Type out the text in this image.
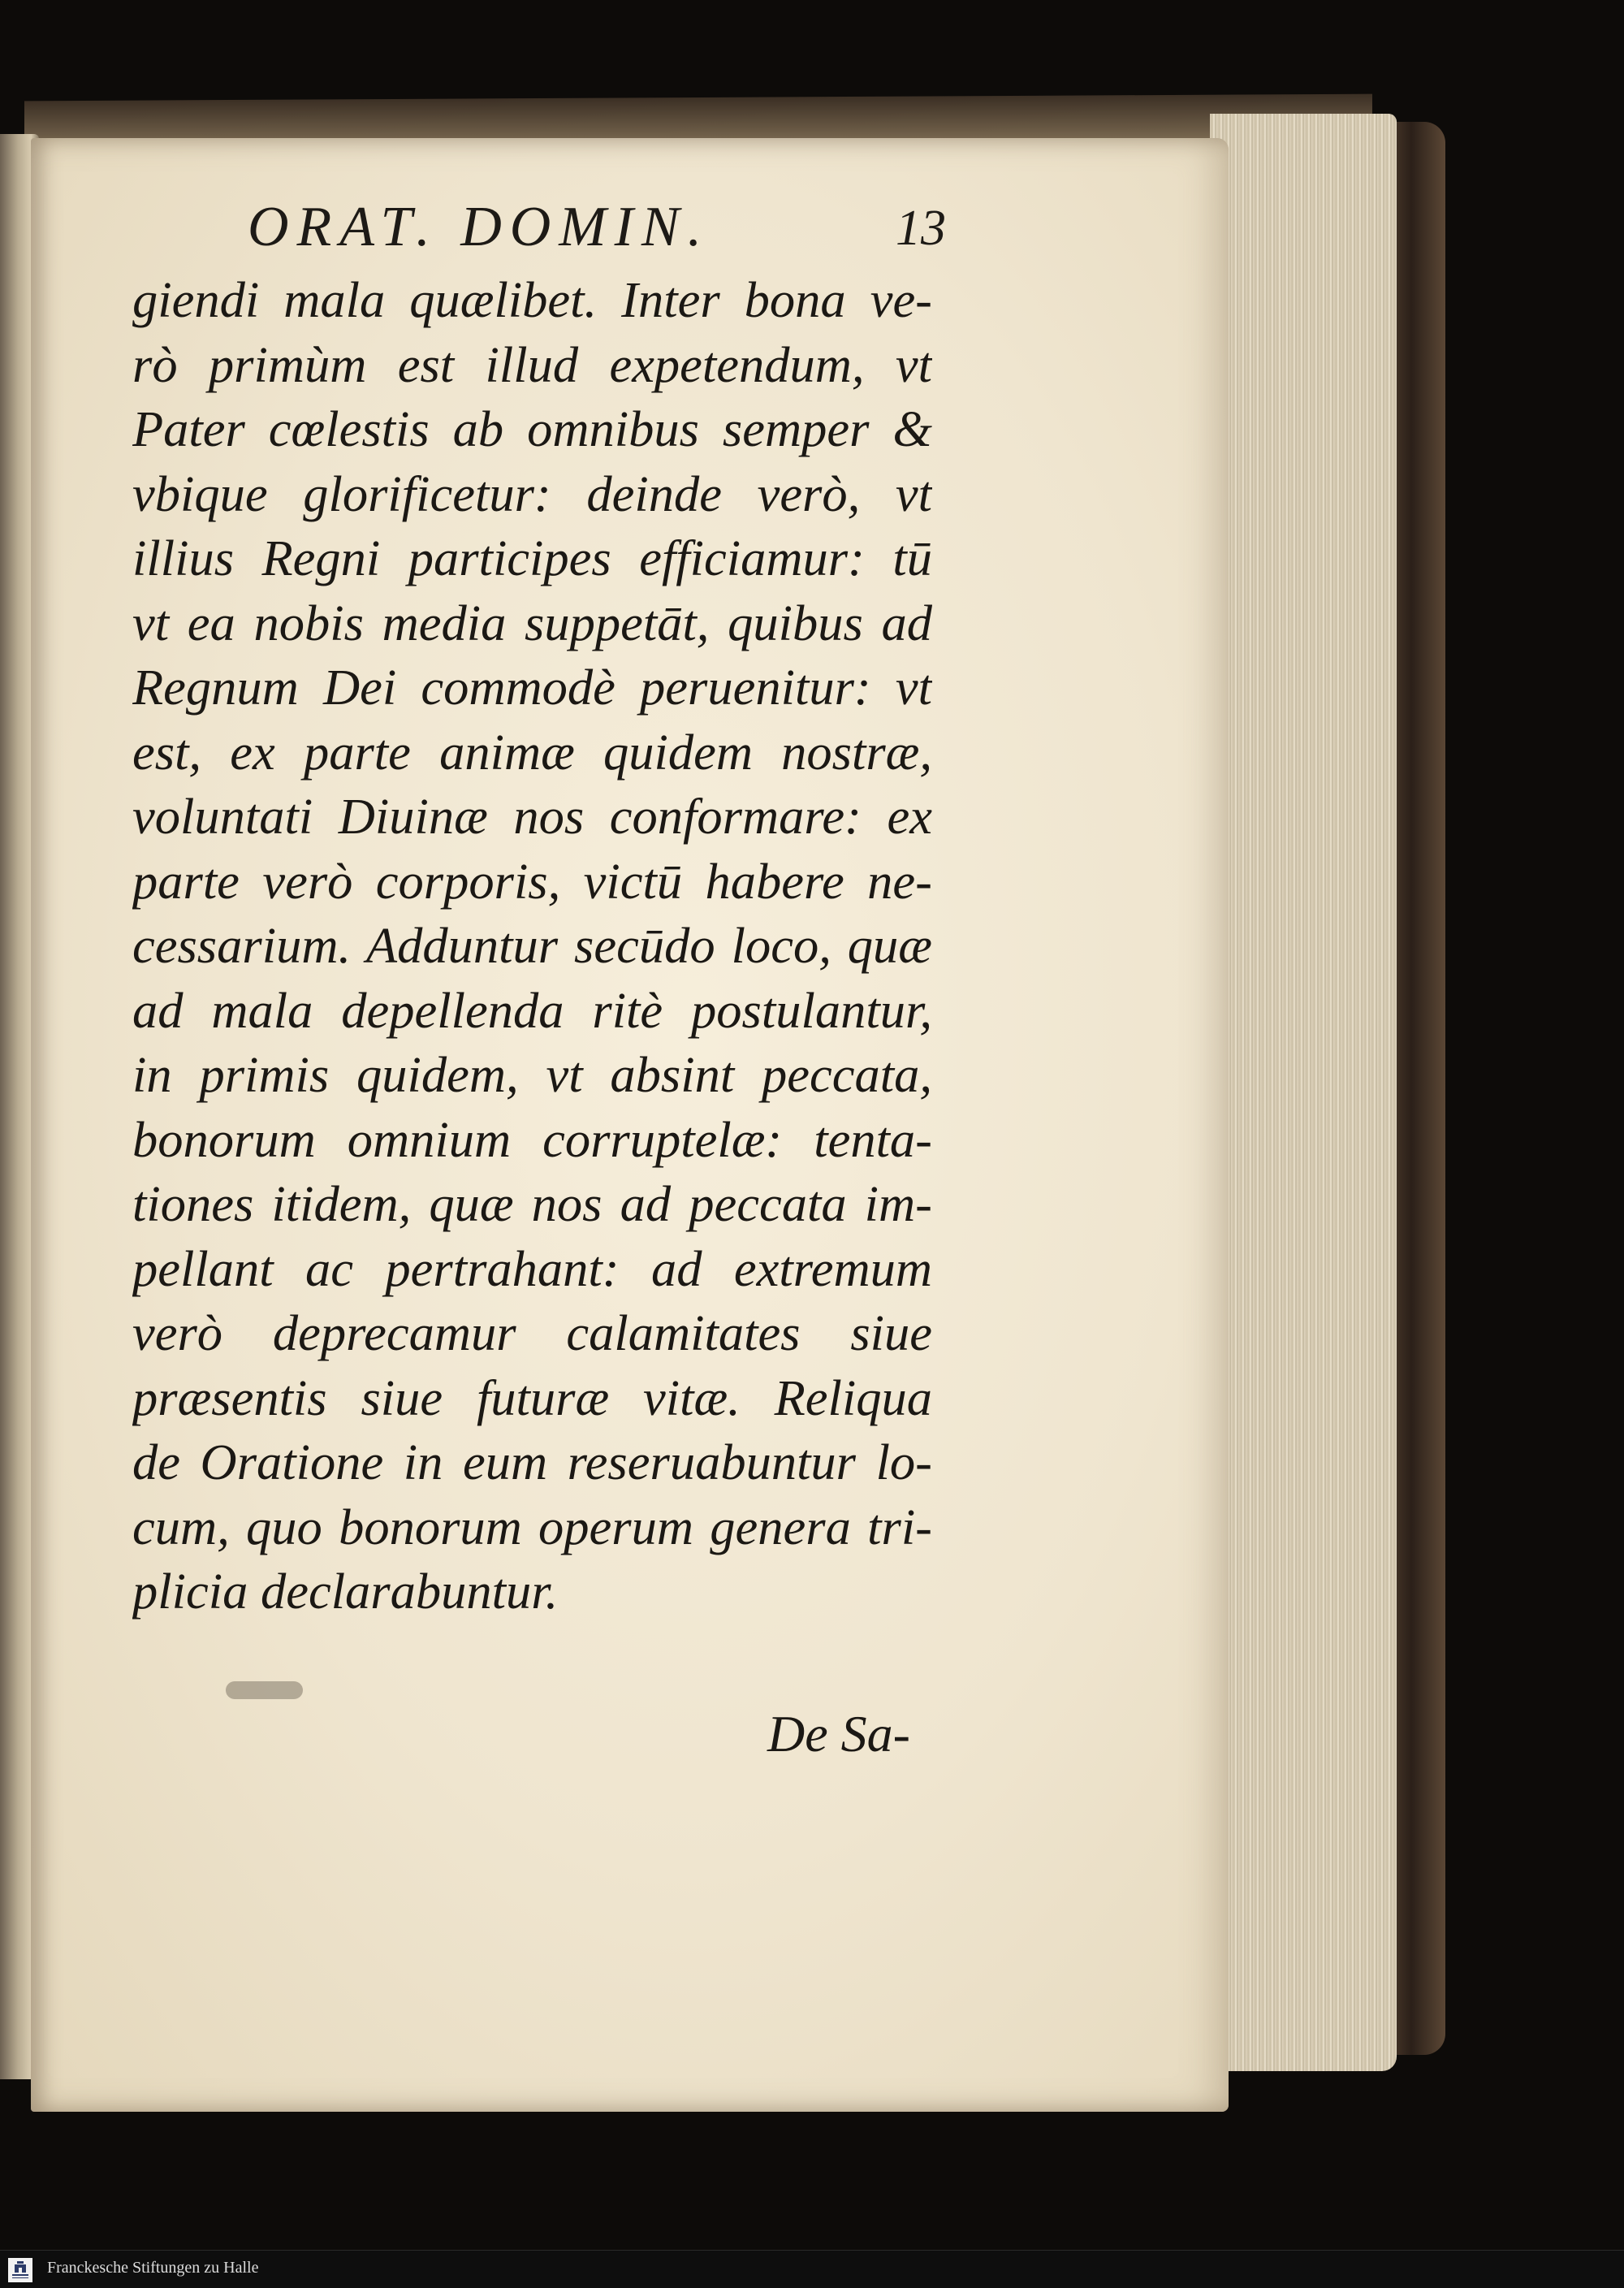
ORAT. DOMIN.	13
giendi mala quælibet. Inter bona ve-
rò primùm est illud expetendum, vt
Pater cœlestis ab omnibus semper &
vbique glorificetur: deinde verò, vt
illius Regni participes efficiamur: tū
vt ea nobis media suppetāt, quibus ad
Regnum Dei commodè peruenitur: vt
est, ex parte animæ quidem nostræ,
voluntati Diuinæ nos conformare: ex
parte verò corporis, victū habere ne-
cessarium. Adduntur secūdo loco, quæ
ad mala depellenda ritè postulantur,
in primis quidem, vt absint peccata,
bonorum omnium corruptelæ: tenta-
tiones itidem, quæ nos ad peccata im-
pellant ac pertrahant: ad extremum
verò deprecamur calamitates siue
præsentis siue futuræ vitæ. Reliqua
de Oratione in eum reseruabuntur lo-
cum, quo bonorum operum genera tri-
plicia declarabuntur.
De Sa-
Franckesche Stiftungen zu Halle
